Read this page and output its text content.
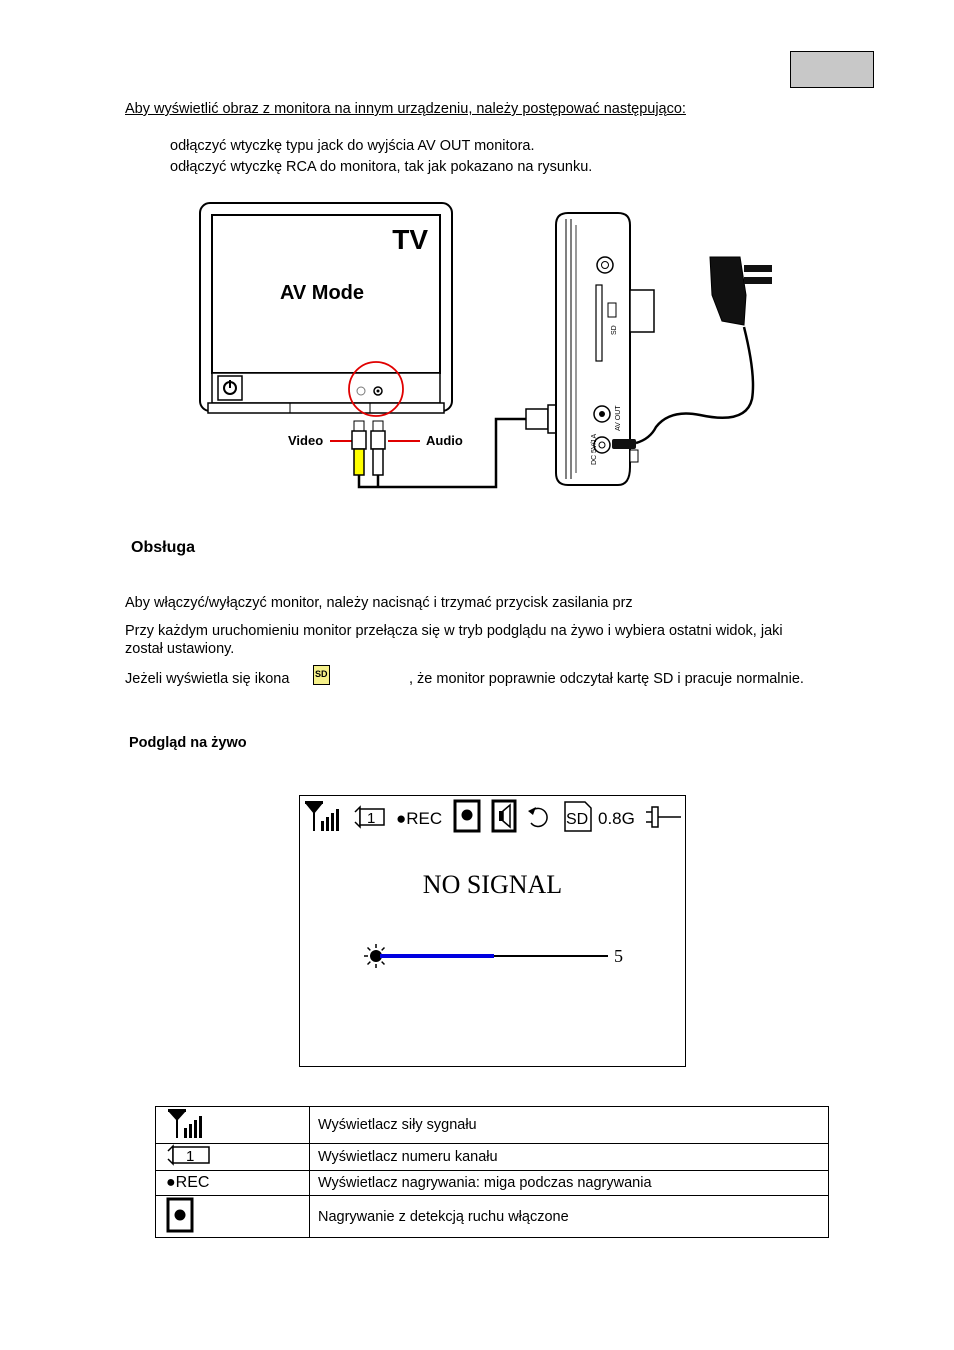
Aby wyświetlić obraz z monitora na innym urządzeniu, należy postępować następująco:
odłączyć wtyczkę typu jack do wyjścia AV OUT monitora.
odłączyć wtyczkę RCA do monitora, tak jak pokazano na rysunku.
TV
AV Mode
Video	Audio
SD
AV OUT
DC 5V/1A
Obsługa
Aby włączyć/wyłączyć monitor, należy nacisnąć i trzymać przycisk zasilania prz
Przy każdym uruchomieniu monitor przełącza się w tryb podglądu na żywo i wybiera ostatni widok, jaki
został ustawiony.
Jeżeli wyświetla się ikona	SD	, że monitor poprawnie odczytał kartę SD i pracuje normalnie.
Podgląd na żywo
1 ●REC	SD 0.8G
5
NO SIGNAL
	Wyświetlacz siły sygnału

1	Wyświetlacz numeru kanału
●REC	Wyświetlacz nagrywania: miga podczas nagrywania
	Nagrywanie z detekcją ruchu włączone
